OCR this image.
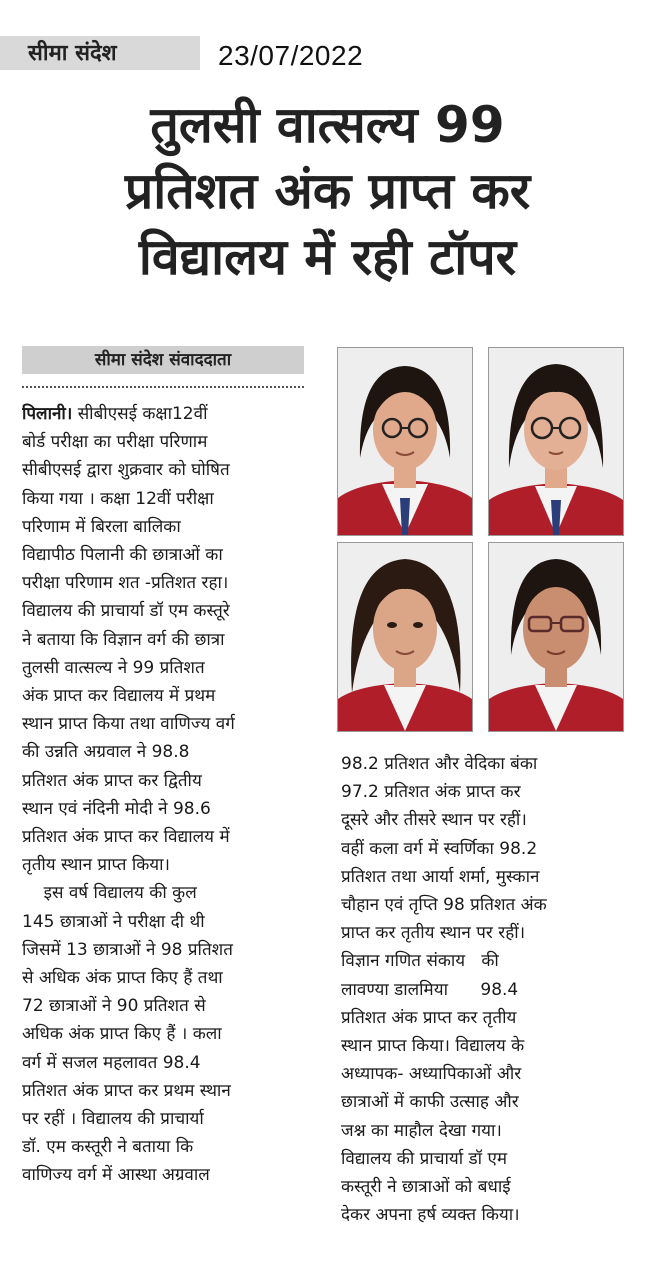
सीमा संदेश	23/07/2022
तुलसी वात्सल्य 99
प्रतिशत अंक प्राप्त कर
विद्यालय में रही टॉपर
सीमा संदेश संवाददाता

पिलानी। सीबीएसई कक्षा12वीं

बोर्ड परीक्षा का परीक्षा परिणाम

सीबीएसई द्वारा शुक्रवार को घोषित

किया गया । कक्षा 12वीं परीक्षा

परिणाम में बिरला बालिका

विद्यापीठ पिलानी की छात्राओं का

परीक्षा परिणाम शत -प्रतिशत रहा।

विद्यालय की प्राचार्या डॉ एम कस्तूरे

ने बताया कि विज्ञान वर्ग की छात्रा

तुलसी वात्सल्य ने 99 प्रतिशत

अंक प्राप्त कर विद्यालय में प्रथम

स्थान प्राप्त किया तथा वाणिज्य वर्ग

की उन्नति अग्रवाल ने 98.8

प्रतिशत अंक प्राप्त कर द्वितीय

स्थान एवं नंदिनी मोदी ने 98.6

प्रतिशत अंक प्राप्त कर विद्यालय में

तृतीय स्थान प्राप्त किया।

इस वर्ष विद्यालय की कुल

145 छात्राओं ने परीक्षा दी थी

जिसमें 13 छात्राओं ने 98 प्रतिशत

से अधिक अंक प्राप्त किए हैं तथा

72 छात्राओं ने 90 प्रतिशत से

अधिक अंक प्राप्त किए हैं । कला

वर्ग में सजल महलावत 98.4

प्रतिशत अंक प्राप्त कर प्रथम स्थान

पर रहीं । विद्यालय की प्राचार्या

डॉ. एम कस्तूरी ने बताया कि

वाणिज्य वर्ग में आस्था अग्रवाल

98.2 प्रतिशत और वेदिका बंका

97.2 प्रतिशत अंक प्राप्त कर

दूसरे और तीसरे स्थान पर रहीं।

वहीं कला वर्ग में स्वर्णिका 98.2

प्रतिशत तथा आर्या शर्मा, मुस्कान

चौहान एवं तृप्ति 98 प्रतिशत अंक

प्राप्त कर तृतीय स्थान पर रहीं।

विज्ञान गणित संकाय   की

लावण्या डालमिया      98.4

प्रतिशत अंक प्राप्त कर तृतीय

स्थान प्राप्त किया। विद्यालय के

अध्यापक- अध्यापिकाओं और

छात्राओं में काफी उत्साह और

जश्न का माहौल देखा गया।

विद्यालय की प्राचार्या डॉ एम

कस्तूरी ने छात्राओं को बधाई

देकर अपना हर्ष व्यक्त किया।
